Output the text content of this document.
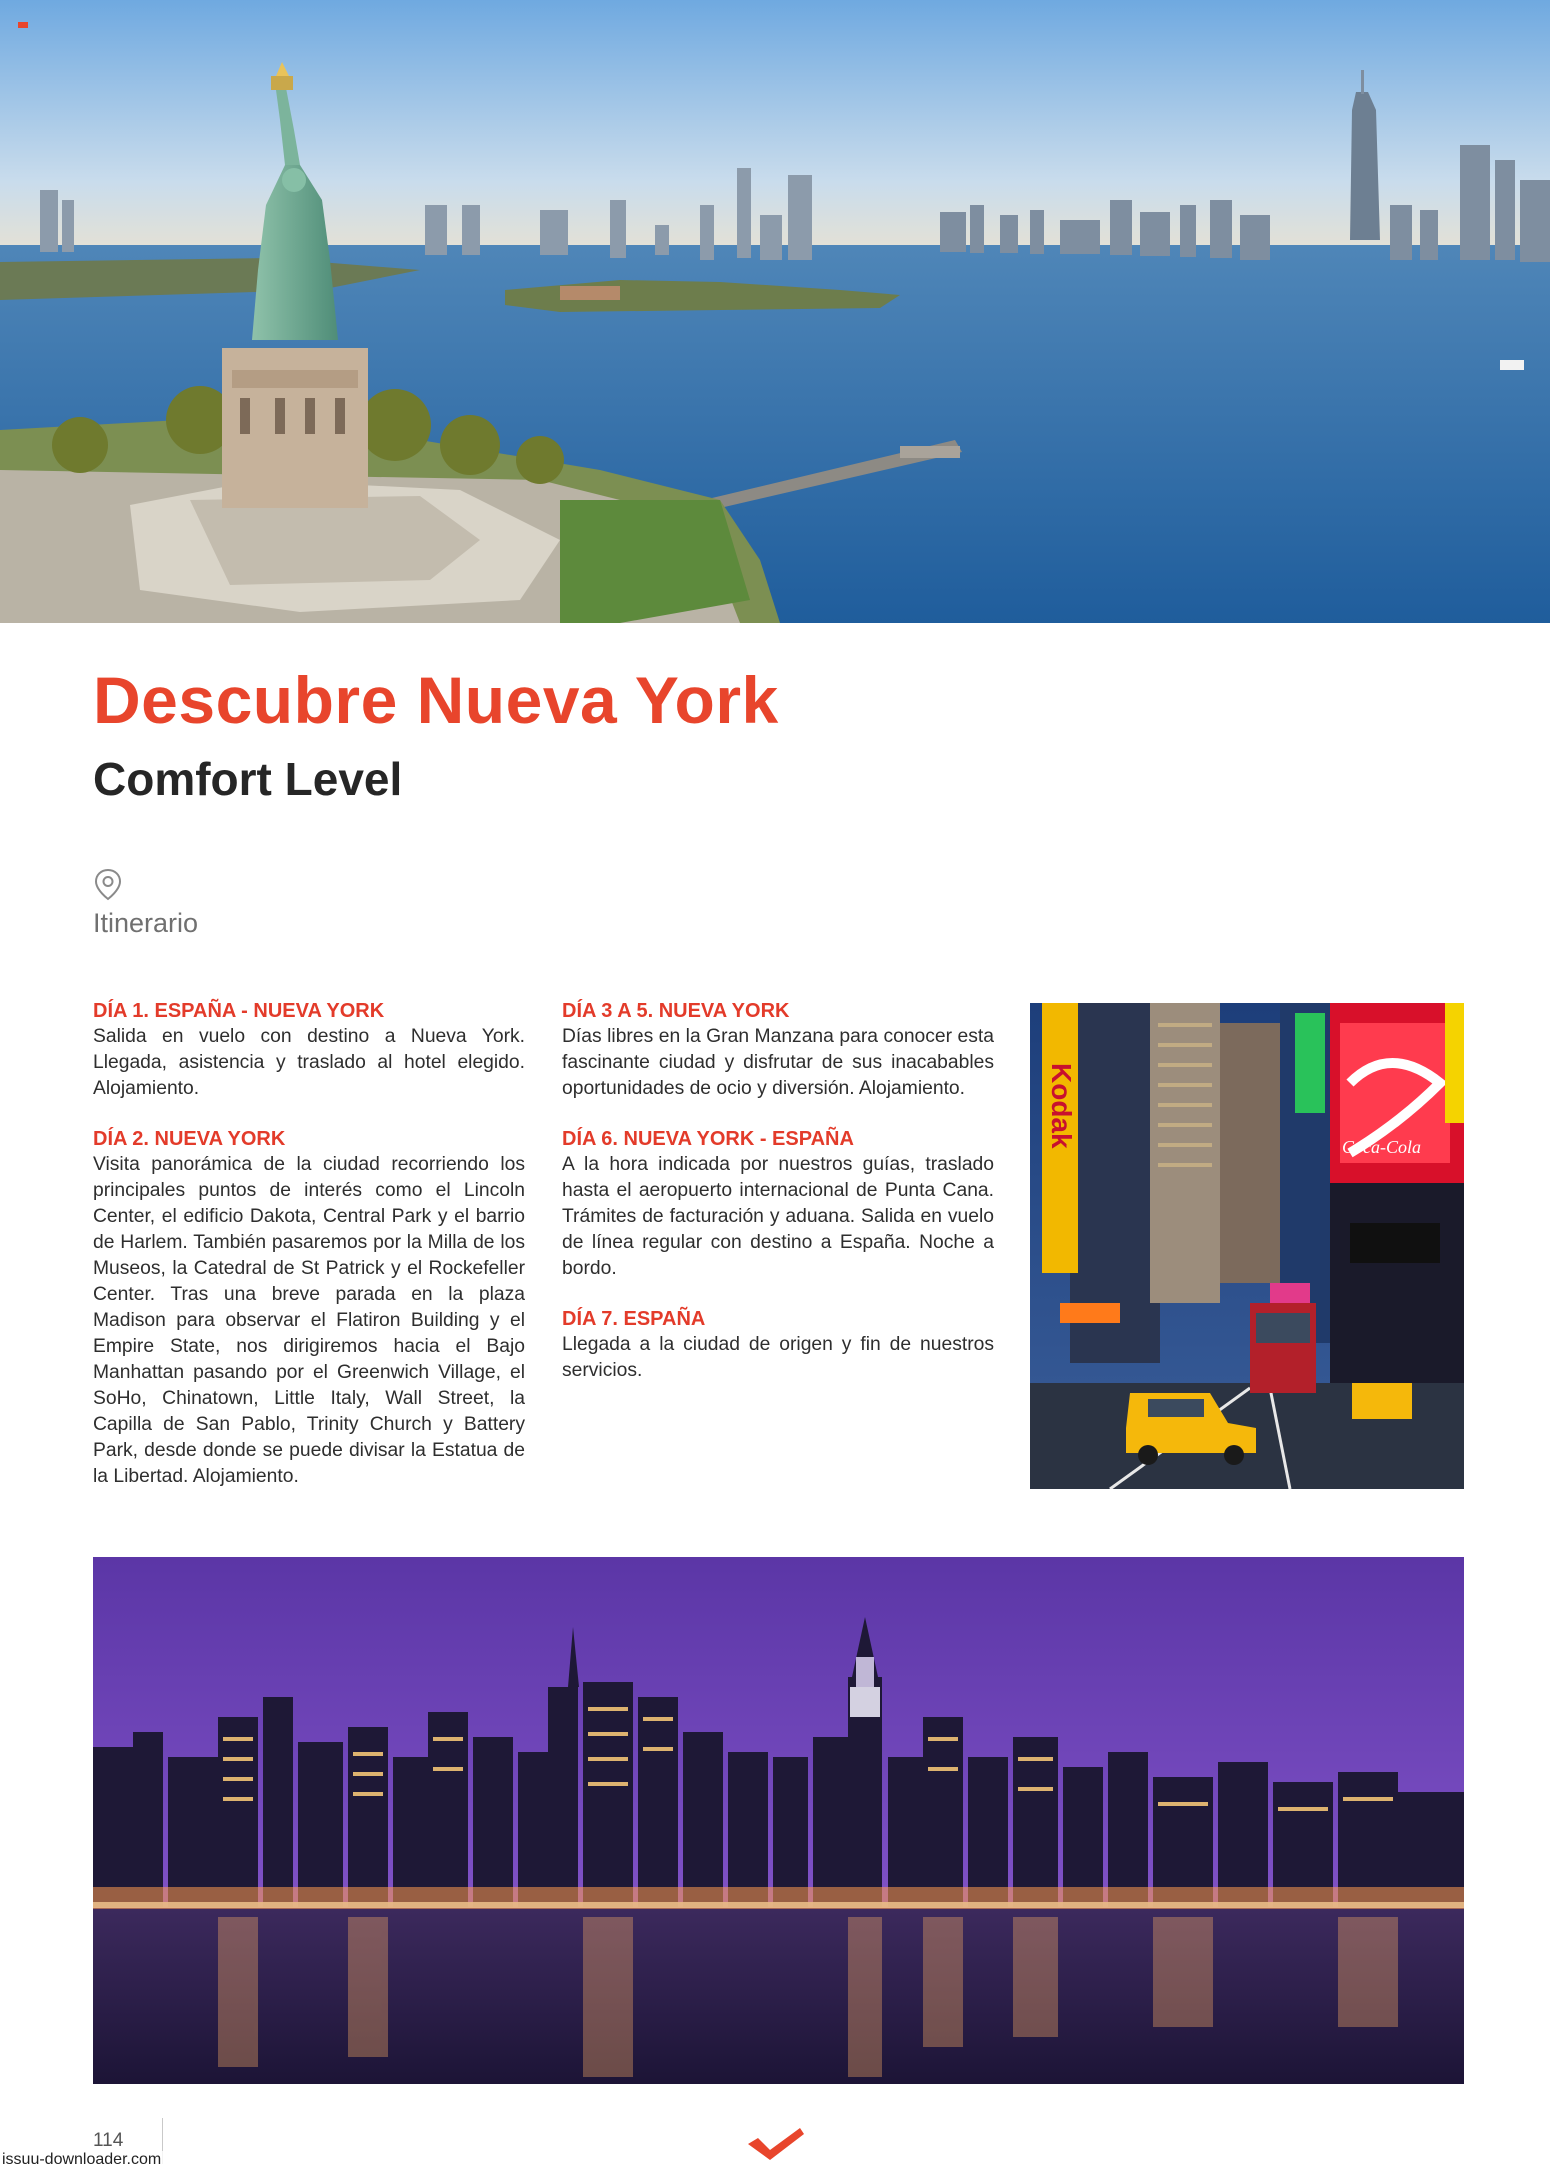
Descubre Nueva York
Comfort Level
Itinerario
DÍA 1. ESPAÑA - NUEVA YORK

Salida en vuelo con destino a Nueva York. Llegada, asistencia y traslado al hotel elegido. Alojamiento.

DÍA 2. NUEVA YORK

Visita panorámica de la ciudad recorriendo los principales puntos de interés como el Lincoln Center, el edificio Dakota, Central Park y el barrio de Harlem. También pasaremos por la Milla de los Museos, la Catedral de St Patrick y el Rockefeller Center. Tras una breve parada en la plaza Madison para observar el Flatiron Building y el Empire State, nos dirigiremos hacia el Bajo Manhattan pasando por el Greenwich Village, el SoHo, Chinatown, Little Italy, Wall Street, la Capilla de San Pablo, Trinity Church y Battery Park, desde donde se puede divisar la Estatua de la Libertad. Alojamiento.

DÍA 3 A 5. NUEVA YORK

Días libres en la Gran Manzana para conocer esta fascinante ciudad y disfrutar de sus inacabables oportunidades de ocio y diversión. Alojamiento.

DÍA 6. NUEVA YORK - ESPAÑA

A la hora indicada por nuestros guías, traslado hasta el aeropuerto internacional de Punta Cana. Trámites de facturación y aduana. Salida en vuelo de línea regular con destino a España. Noche a bordo.

DÍA 7. ESPAÑA

Llegada a la ciudad de origen y fin de nuestros servicios.

Kodak	Coca-Cola
114
issuu-downloader.com
